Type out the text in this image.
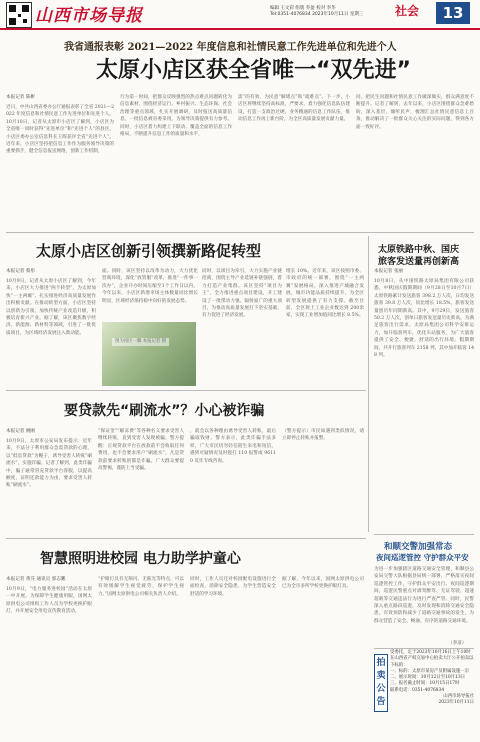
山西市场导报	编辑 王文彩 组版 乔盈 校对 李华
Tel:0351-4076834 2023年10月11日 星期三	社会	13
我省通报表彰 2021—2022 年度信息和社情民意工作先进单位和先进个人
太原小店区获全省唯一“双先进”
本报记者 陈彬
近日，中共山西省委办公厅通报表彰了全省 2021—2022 年度信息和社情民意工作先进单位和先进个人。10月10日，记者从太原市小店区了解到，小店区为全省唯一同时获得“先进单位”和“先进个人”的县区。小店区委办公室信息科长王晖获评全省“先进个人”。近年来，小店区坚持把信息工作作为服务领导决策的重要抓手，健全信息报送网络，创新工作机制，
行为第一时间，把群众反映强烈的热点难点问题转化为信息素材。围绕经济运行、乡村振兴、生态环保、社会治理等重点领域，扎实开展调研，及时报送高质量信息，一批信息被省委采用，为领导决策提供有力参考。同时，小店区着力构建上下联动、覆盖全面的信息工作格局，不断提升信息工作的质量和水平，
需”的有效，为民意“解堵点”和“疏难点”。下一步，小店区将继续坚持高标准，严要求，着力强化信息队伍建设，打造一支政治过硬、业务精通的信息工作队伍，推动信息工作再上新台阶，为全区高质量发展贡献力量。
同，把民生问题和社情民意工作做深做实，群众满意度不断提升。记者了解到，去年以来，小店区围绕群众急难愁盼，深入基层，倾听民声，梳理汇总社情民意信息上百条，推动解决了一批群众关心关注的实际问题，得到各方面一致好评。
太原小店区创新引领撰新路促转型
本报记者 蔡彤
10月9日，记者从太原小店区了解到，今年来，小店区大力推进“两个转型”，为太原加快“一主两翼”、扎实推进经济高质量发展作出积极贡献。在推动转型方面，小店区坚持以创新为引领，加快传统产业改造升级，积极培育新兴产业。据了解，该区聚焦数字经济、新能源、新材料等领域，引进了一批优质项目，为区域经济发展注入新动能。
面。同时，该区坚持以改革为动力，大力优化营商环境，深化“放管服”改革，推进“一件事一次办”，企业开办时间压缩至1个工作日以内。今年以来，小店区新增市场主体数量同比增长明显，区域经济保持稳中向好的发展态势。
图为园区一隅 本报记者 摄
同时，以项目为牵引，大力实施产业链招商，围绕主导产业延链补链强链，着力打造产业集群。该区坚持“项目为王”，全力推进重点项目建设，开工建设了一批带动力强、辐射面广的重大项目，为推动高质量发展打下坚实基础，有力促进了经济发展。
增长 10%。近年来，该区按照市委、市政府的统一部署，围绕“一主两翼”发展格局，深入推进产城融合发展，城市功能品质持续提升，为全区转型发展提供了有力支撑。截至目前，全区规上工业企业数达到 200余家，实现工业增加值同比增长 8.5%。
太原铁路中秋、国庆
旅客发送量再创新高
本报记者 张丽
10月8日，从中国铁路太原局集团有限公司获悉，中秋国庆假期期间（9月28日至10月7日）太原铁路累计发送旅客 398.2 万人次，日均发送旅客 39.8 万人次，同比增长 18.5%，旅客发送量创历年同期新高。其中，9月29日，发送旅客 50.2 万人次，创单日旅客发送量历史新高。为满足旅客出行需求，太原局集团公司科学安排运力，加开临客列车，优化车站服务，为广大旅客提供了安全、便捷、舒适的出行环境。假期期间，共开行旅客列车 2158 列，其中加开临客 148 列。
要贷款先“刷流水”？小心被诈骗
本报记者 姚刚
10月9日，太原市公安局发布提示：近年来，不法分子利用群众急需贷款的心理，以“低息贷款”为幌子，诱导受害人转账“刷流水”，实施诈骗。记者了解到，此类诈骗中，骗子通常冒充贷款平台客服，以提高额度、证明还款能力为由，要求受害人转账“刷流水”。
“保证金”“解冻费”等各种名义要求受害人继续转账，直到受害人发现被骗。警方提醒：正规贷款平台在放款前不会收取任何费用，也不会要求用户“刷流水”，凡是贷款前要求转账的都是诈骗。广大群众要提高警惕，谨防上当受骗。
，就会以各种理由诱导受害人转账，最后骗取钱财。警方表示，此类诈骗手法多样，广大市民切勿轻信陌生来电和短信，遇到可疑情况及时拨打 110 报警或 96110 反诈专线咨询。
（警方提示）市民如遇到类似情况，请立即停止转账并报警。
和顺交警加强常态
夜间巡逻管控 守护群众平安
为进一步加强辖区道路交通安全管理，和顺县公安局交警大队根据县局统一部署，严格落实夜间巡逻管控工作，守护群众平安出行。夜间巡逻期间，巡逻民警重点对酒驾醉驾、无证驾驶、超速超载等交通违法行为进行严查严管。同时，民警深入重点路段巡逻，及时发现和消除交通安全隐患，有效预防和减少了道路交通事故的发生，为群众营造了安全、畅通、有序的道路交通环境。
（李彦）
智慧照明进校园 电力助学护童心
本报记者 黄芬 通讯员 郭志鹏
10月9日，“电力服务进校园”活动在太原一中开展。为保障学生健康用眼，国网太原供电公司组织工作人员为学校更换护眼灯，并开展安全用电宣传教育活动。
“护眼灯具有无频闪、无眩光等特点，可以有效缓解学生视觉疲劳，保护学生视力。”国网太原供电公司相关负责人介绍。
同时，工作人员还对校园配电设施进行全面检查，消除安全隐患，为学生营造安全舒适的学习环境。
据了解，今年以来，国网太原供电公司已为全市多所学校更换护眼灯具。
拍卖公告
受委托，定于2023年10月16日上午10时在山西省产权交易中心拍卖大厅公开拍卖以下标的：
一、标的：太原市某房产及附属设施一宗
二、展示时间：10月12日至10月13日
三、报名截止时间：10月15日17时
联系电话：0351-4076834
山西市场导报社
2023年10月11日
